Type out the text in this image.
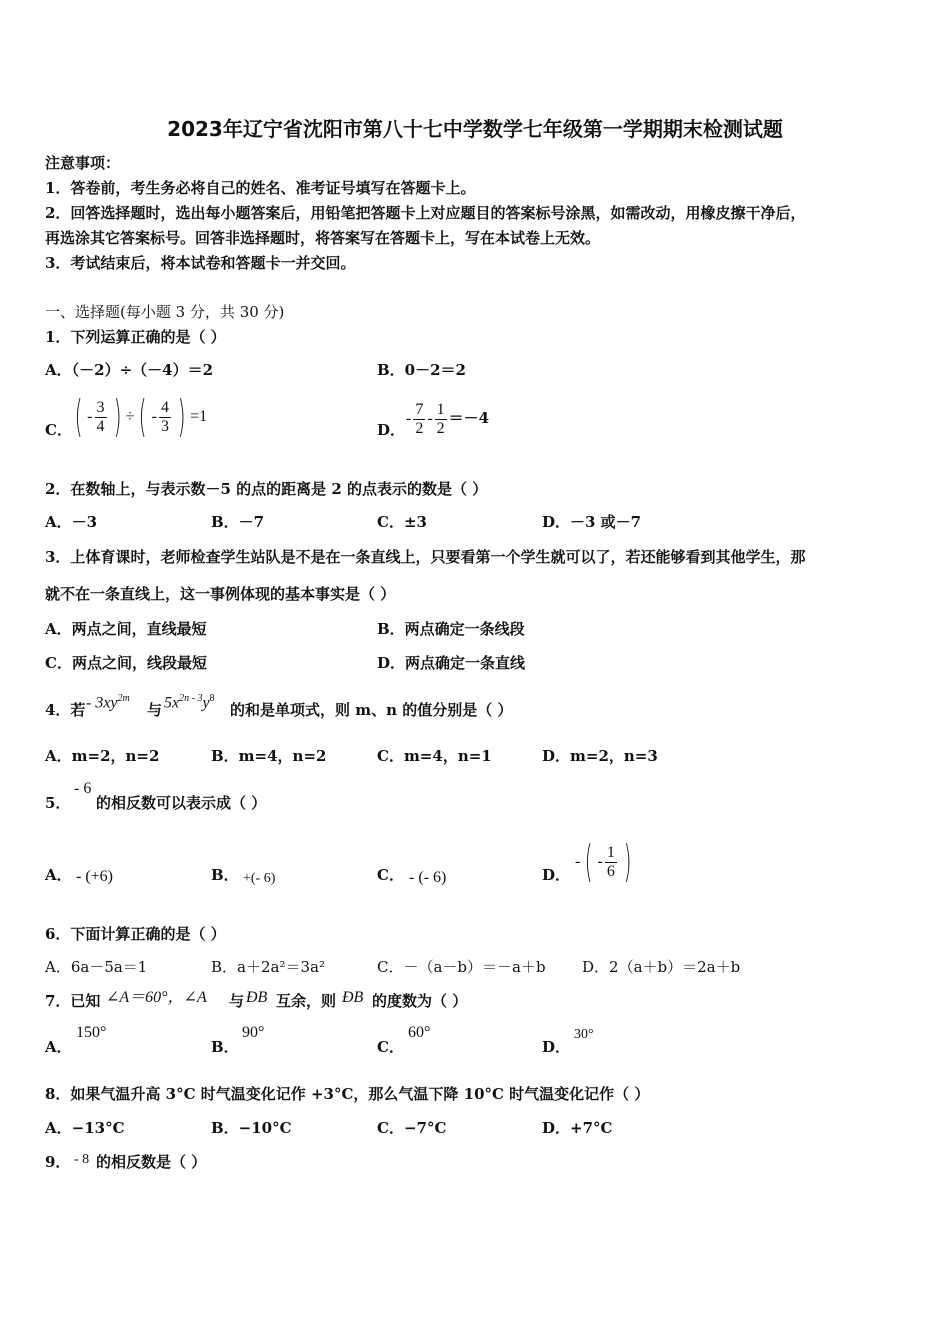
2023年辽宁省沈阳市第八十七中学数学七年级第一学期期末检测试题
注意事项：
1．答卷前，考生务必将自己的姓名、准考证号填写在答题卡上。
2．回答选择题时，选出每小题答案后，用铅笔把答题卡上对应题目的答案标号涂黑，如需改动，用橡皮擦干净后，
再选涂其它答案标号。回答非选择题时，将答案写在答题卡上，写在本试卷上无效。
3．考试结束后，将本试卷和答题卡一并交回。
一、选择题(每小题 3 分，共 30 分)
1．下列运算正确的是（ ）
A．（－2）÷（－4）＝2	B．0－2＝2
C． ( - $\frac{3}{4}$ ) ÷ ( - $\frac{4}{3}$ ) =1
D．
- $\frac{7}{2} - \frac{1}{2} =-4$
2．在数轴上，与表示数－5 的点的距离是 2 的点表示的数是（ ）
A．－3	B．－7	C．±3	D．－3 或－7
3．上体育课时，老师检查学生站队是不是在一条直线上，只要看第一个学生就可以了，若还能够看到其他学生，那
就不在一条直线上，这一事例体现的基本事实是（ ）
A．两点之间，直线最短	B．两点确定一条线段
C．两点之间，线段最短	D．两点确定一条直线
4．若 - $3xy^{2m}$
与 $5x^{2n - 3}y^8$
的和是单项式，则 m、n 的值分别是（ ）
A．m=2，n=2	B．m=4，n=2	C．m=4，n=1	D．m=2，n=3
5．
- 6
的相反数可以表示成（ ）
A． - (+6)	B． +(- 6)	C． - (- 6)	D．
- ( - $\frac{1}{6}$ )
6．下面计算正确的是（ ）
A．6a－5a＝1	B．a＋2a²＝3a²	C．－（a－b）＝－a＋b D．2（a＋b）＝2a＋b
7．已知 ∠A＝60°，∠A 与 ÐB 互余，则 ÐB 的度数为（ ）
A．
150°
B．
90°
C．
60°
D．
30°
8．如果气温升高 3°C 时气温变化记作 +3°C，那么气温下降 10°C 时气温变化记作（ ）
A．−13°C	B．−10°C	C．−7°C	D．+7°C
9． - 8 的相反数是（ ）
